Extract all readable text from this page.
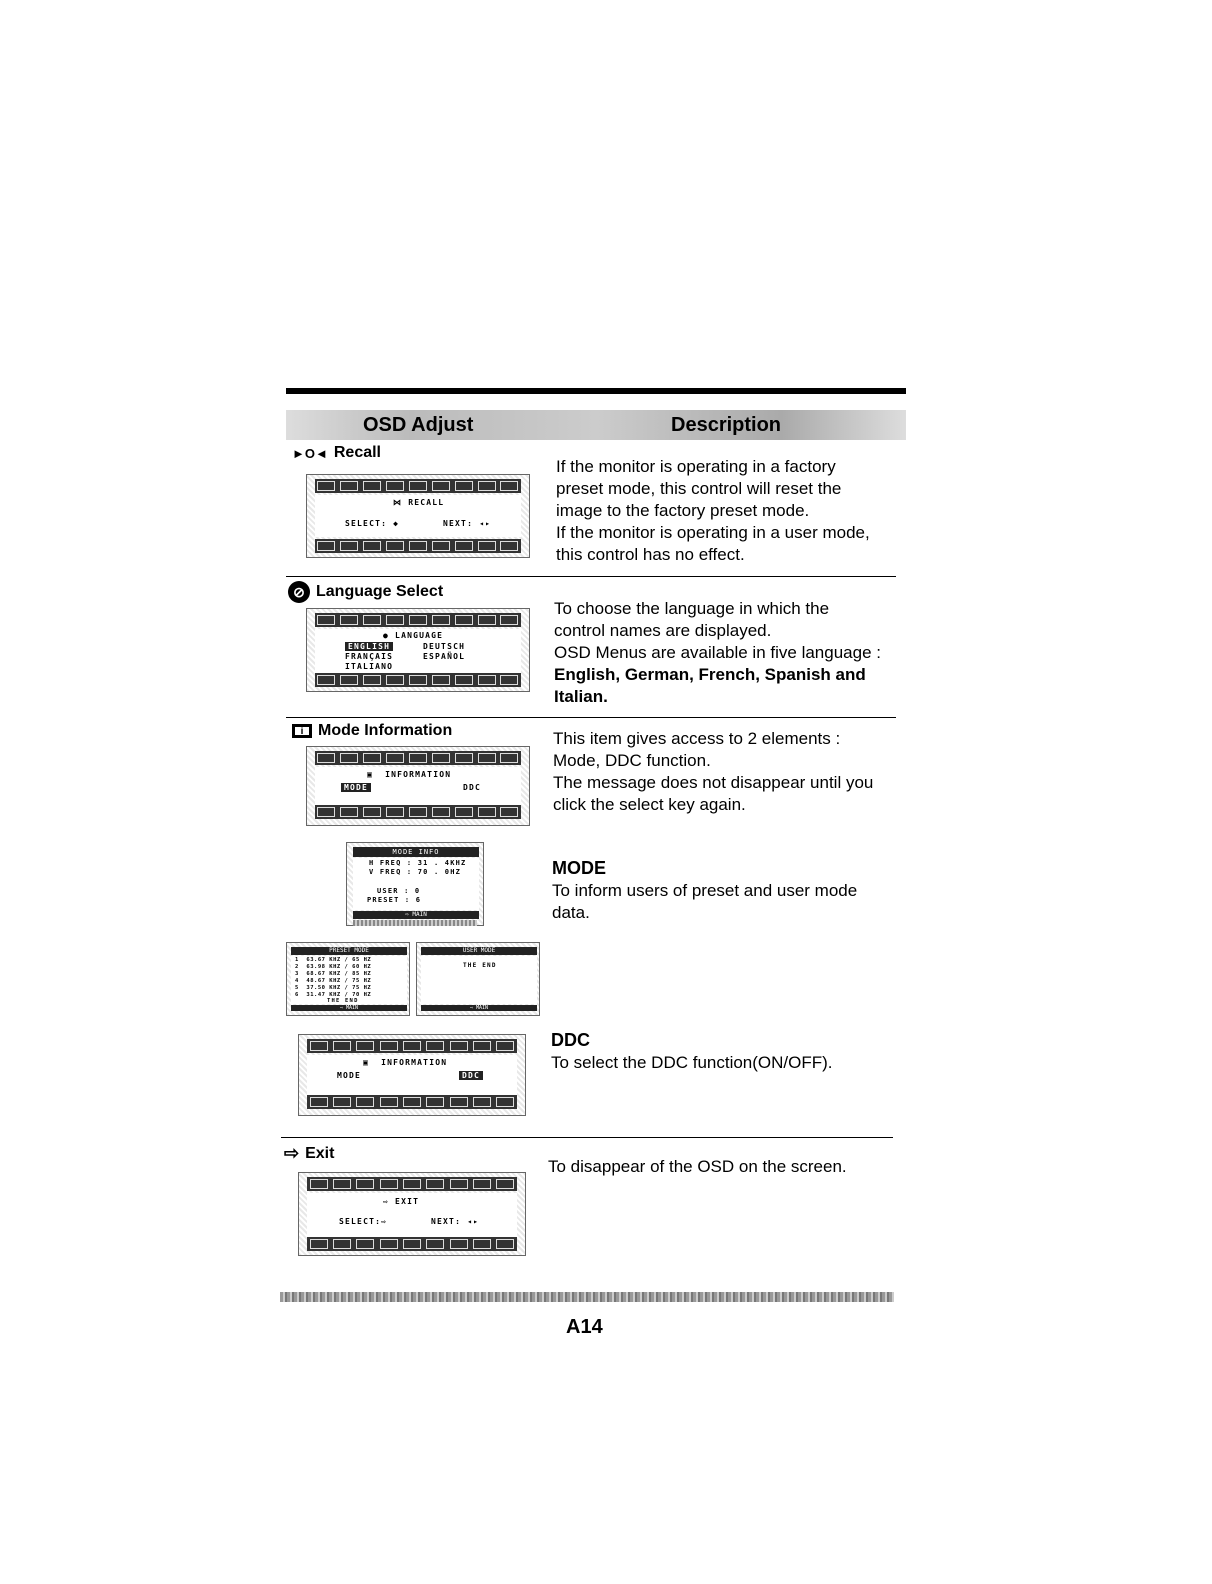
OSD Adjust	Description
►O◄ Recall
⋈ RECALL
SELECT: ◆	NEXT: ◂▸
If the monitor is operating in a factory
preset mode, this control will reset the
image to the factory preset mode.
If the monitor is operating in a user mode,
this control has no effect.
⊘ Language Select
● LANGUAGE
ENGLISH	DEUTSCH
FRANÇAIS	ESPAÑOL
ITALIANO
To choose the language in which the
control names are displayed.
OSD Menus are available in five language :
English, German, French, Spanish and
Italian.
i Mode Information
▣  INFORMATION
MODE	DDC
This item gives access to 2 elements :
Mode, DDC function.
The message does not disappear until you
click the select key again.
MODE INFO
H FREQ : 31 . 4KHZ
V FREQ : 70 . 0HZ
USER : 0
PRESET : 6
⇨ MAIN
MODE
To inform users of preset and user mode
data.
PRESET MODE
1  63.67 KHZ / 65 HZ
2  63.98 KHZ / 60 HZ
3  68.67 KHZ / 85 HZ
4  48.67 KHZ / 75 HZ
5  37.50 KHZ / 75 HZ
6  31.47 KHZ / 70 HZ
THE END
⇨ MAIN
USER MODE
THE END
⇨ MAIN
▣  INFORMATION
MODE	DDC
DDC
To select the DDC function(ON/OFF).
⇨ Exit
⇨ EXIT
SELECT:⇨	NEXT: ◂▸
To disappear of the OSD on the screen.
A14
